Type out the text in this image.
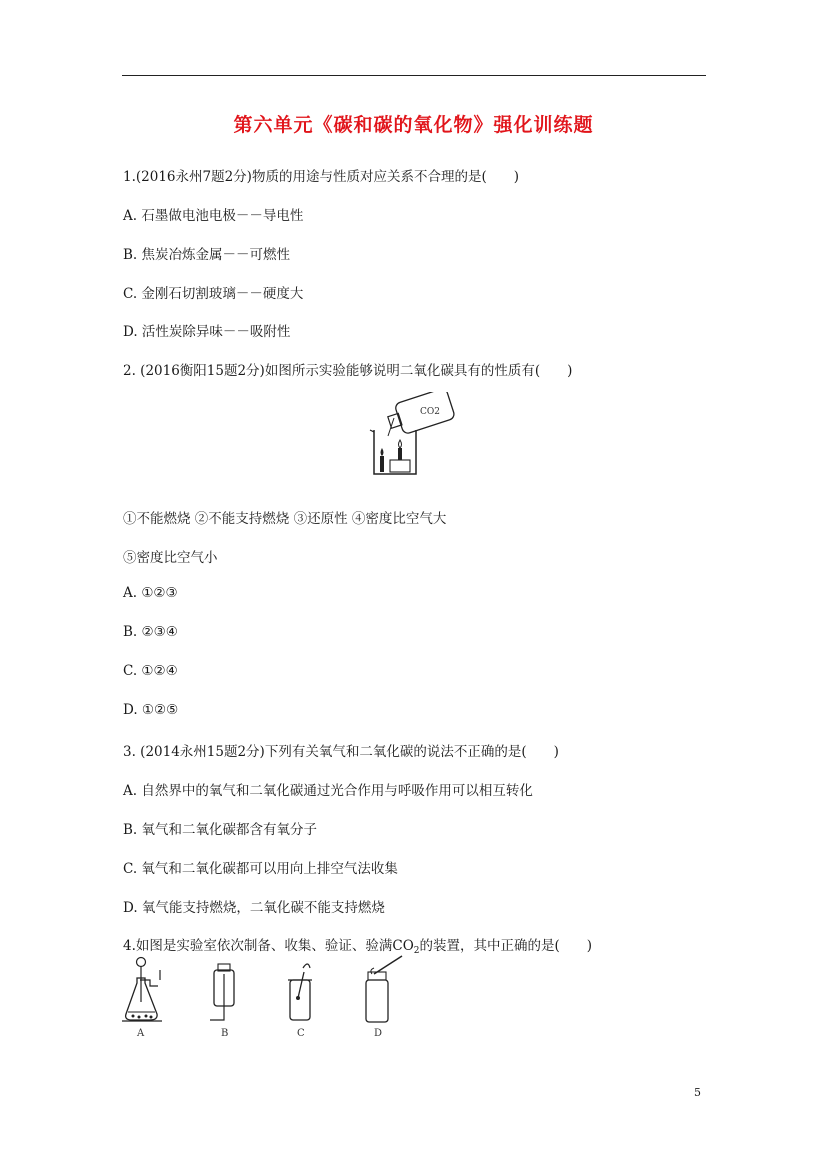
第六单元《碳和碳的氧化物》强化训练题
1.(2016永州7题2分)物质的用途与性质对应关系不合理的是(　　)
A. 石墨做电池电极－－导电性
B. 焦炭冶炼金属－－可燃性
C. 金刚石切割玻璃－－硬度大
D. 活性炭除异味－－吸附性
2. (2016衡阳15题2分)如图所示实验能够说明二氧化碳具有的性质有(　　)
CO2
①不能燃烧 ②不能支持燃烧 ③还原性 ④密度比空气大
⑤密度比空气小
A. ①②③
B. ②③④
C. ①②④
D. ①②⑤
3. (2014永州15题2分)下列有关氧气和二氧化碳的说法不正确的是(　　)
A. 自然界中的氧气和二氧化碳通过光合作用与呼吸作用可以相互转化
B. 氧气和二氧化碳都含有氧分子
C. 氧气和二氧化碳都可以用向上排空气法收集
D. 氧气能支持燃烧，二氧化碳不能支持燃烧
4.如图是实验室依次制备、收集、验证、验满$CO_2$的装置，其中正确的是(　　)
A	B	C	D
5
